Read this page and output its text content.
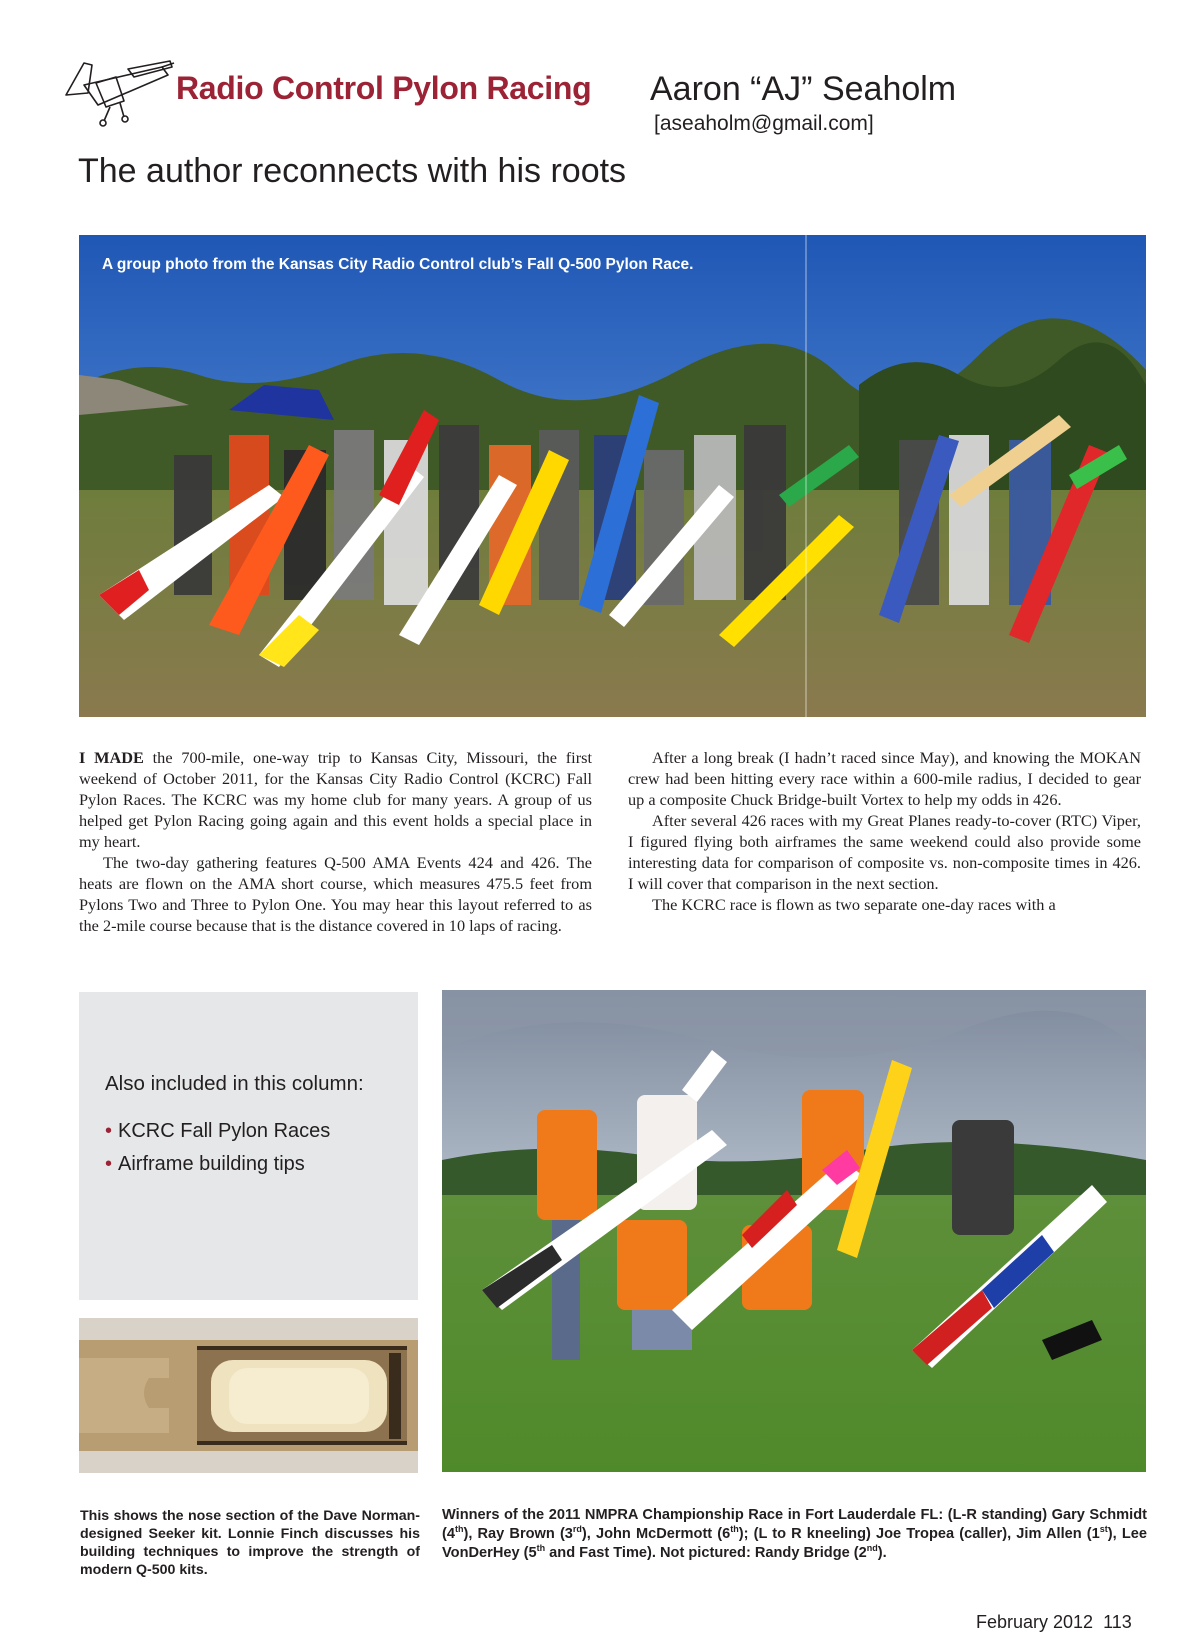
Radio Control Pylon Racing Aaron “AJ” Seaholm
[aseaholm@gmail.com]
The author reconnects with his roots
A group photo from the Kansas City Radio Control club’s Fall Q-500 Pylon Race.

I MADE the 700-mile, one-way trip to Kansas City, Missouri, the first weekend of October 2011, for the Kansas City Radio Control (KCRC) Fall Pylon Races. The KCRC was my home club for many years. A group of us helped get Pylon Racing going again and this event holds a special place in my heart.

The two-day gathering features Q-500 AMA Events 424 and 426. The heats are flown on the AMA short course, which measures 475.5 feet from Pylons Two and Three to Pylon One. You may hear this layout referred to as the 2-mile course because that is the distance covered in 10 laps of racing.

After a long break (I hadn’t raced since May), and knowing the MOKAN crew had been hitting every race within a 600-mile radius, I decided to gear up a composite Chuck Bridge-built Vortex to help my odds in 426.

After several 426 races with my Great Planes ready-to-cover (RTC) Viper, I figured flying both airframes the same weekend could also provide some interesting data for comparison of composite vs. non-composite times in 426. I will cover that comparison in the next section.

The KCRC race is flown as two separate one-day races with a

Also included in this column:
• KCRC Fall Pylon Races
• Airframe building tips
This shows the nose section of the Dave Norman-designed Seeker kit. Lonnie Finch discusses his building techniques to improve the strength of modern Q-500 kits.
Winners of the 2011 NMPRA Championship Race in Fort Lauderdale FL: (L-R standing) Gary Schmidt (4th), Ray Brown (3rd), John McDermott (6th); (L to R kneeling) Joe Tropea (caller), Jim Allen (1st), Lee VonDerHey (5th and Fast Time). Not pictured: Randy Bridge (2nd).
February 2012 113
